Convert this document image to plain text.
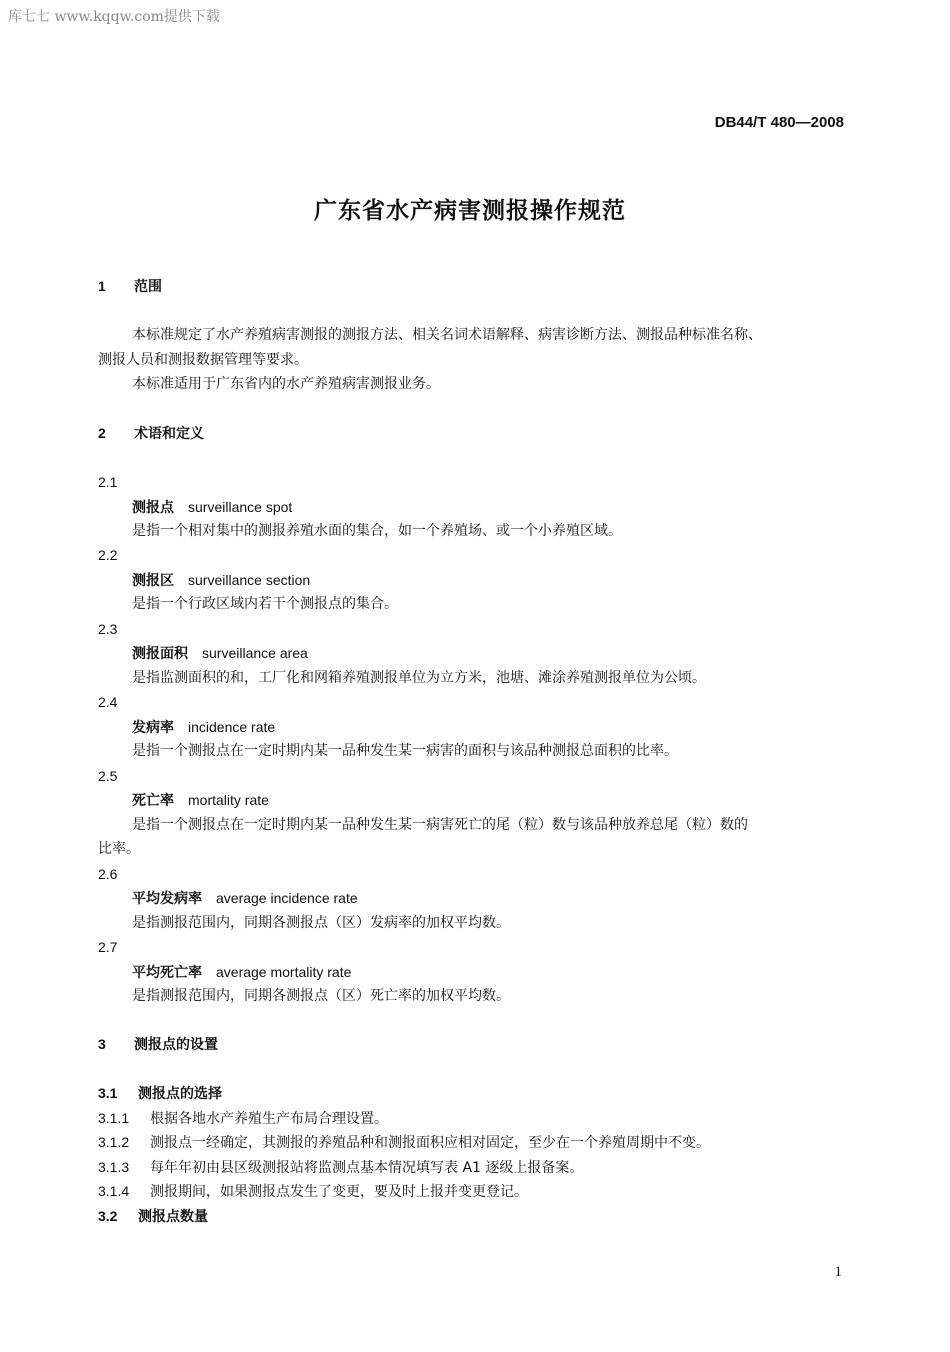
库七七 www.kqqw.com提供下载
DB44/T 480—2008
广东省水产病害测报操作规范
1 范围
本标准规定了水产养殖病害测报的测报方法、相关名词术语解释、病害诊断方法、测报品种标准名称、
测报人员和测报数据管理等要求。
本标准适用于广东省内的水产养殖病害测报业务。
2 术语和定义
2.1
测报点 surveillance spot
是指一个相对集中的测报养殖水面的集合，如一个养殖场、或一个小养殖区域。
2.2
测报区 surveillance section
是指一个行政区域内若干个测报点的集合。
2.3
测报面积 surveillance area
是指监测面积的和，工厂化和网箱养殖测报单位为立方米，池塘、滩涂养殖测报单位为公顷。
2.4
发病率 incidence rate
是指一个测报点在一定时期内某一品种发生某一病害的面积与该品种测报总面积的比率。
2.5
死亡率 mortality rate
是指一个测报点在一定时期内某一品种发生某一病害死亡的尾（粒）数与该品种放养总尾（粒）数的
比率。
2.6
平均发病率 average incidence rate
是指测报范围内，同期各测报点（区）发病率的加权平均数。
2.7
平均死亡率 average mortality rate
是指测报范围内，同期各测报点（区）死亡率的加权平均数。
3 测报点的设置
3.1 测报点的选择
3.1.1 根据各地水产养殖生产布局合理设置。
3.1.2 测报点一经确定，其测报的养殖品种和测报面积应相对固定，至少在一个养殖周期中不变。
3.1.3 每年年初由县区级测报站将监测点基本情况填写表 A1 逐级上报备案。
3.1.4 测报期间，如果测报点发生了变更，要及时上报并变更登记。
3.2 测报点数量
1
